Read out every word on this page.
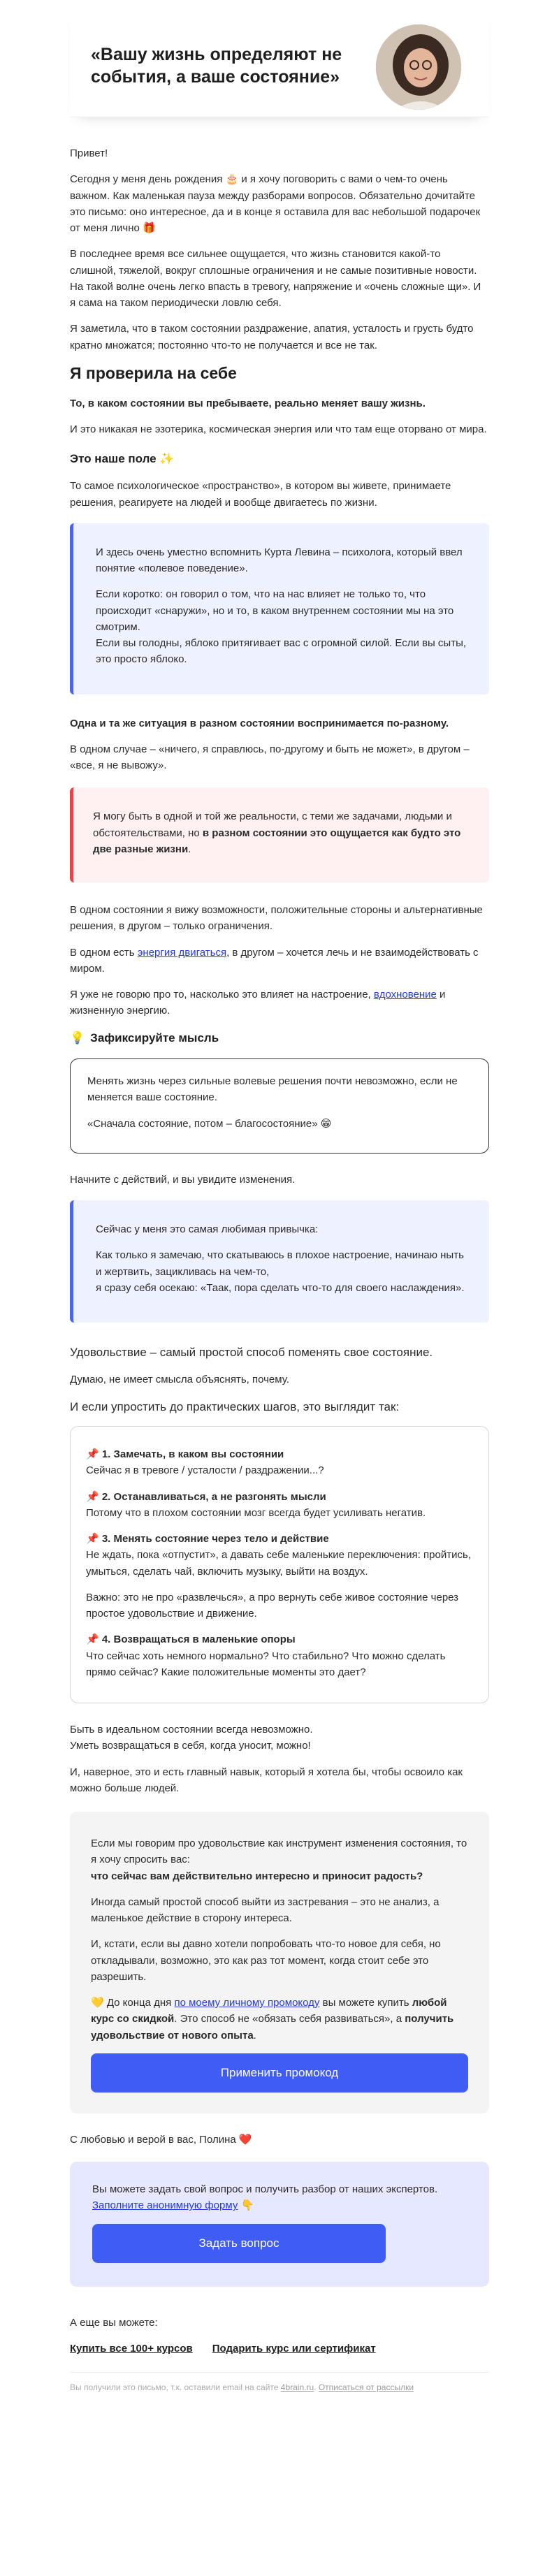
«Вашу жизнь определяют не события, а ваше состояние»

Привет!

Сегодня у меня день рождения 🎂 и я хочу поговорить с вами о чем-то очень важном. Как маленькая пауза между разборами вопросов. Обязательно дочитайте это письмо: оно интересное, да и в конце я оставила для вас небольшой подарочек от меня лично 🎁

В последнее время все сильнее ощущается, что жизнь становится какой-то слишной, тяжелой, вокруг сплошные ограничения и не самые позитивные новости. На такой волне очень легко впасть в тревогу, напряжение и «очень сложные щи». И я сама на таком периодически ловлю себя.

Я заметила, что в таком состоянии раздражение, апатия, усталость и грусть будто кратно множатся; постоянно что-то не получается и все не так.

Я проверила на себе

То, в каком состоянии вы пребываете, реально меняет вашу жизнь.

И это никакая не эзотерика, космическая энергия или что там еще оторвано от мира.

Это наше поле ✨

То самое психологическое «пространство», в котором вы живете, принимаете решения, реагируете на людей и вообще двигаетесь по жизни.

И здесь очень уместно вспомнить Курта Левина – психолога, который ввел понятие «полевое поведение».

Если коротко: он говорил о том, что на нас влияет не только то, что происходит «снаружи», но и то, в каком внутреннем состоянии мы на это смотрим.

Если вы голодны, яблоко притягивает вас с огромной силой. Если вы сыты, это просто яблоко.

Одна и та же ситуация в разном состоянии воспринимается по-разному.

В одном случае – «ничего, я справлюсь, по-другому и быть не может», в другом – «все, я не вывожу».

Я могу быть в одной и той же реальности, с теми же задачами, людьми и обстоятельствами, но в разном состоянии это ощущается как будто это две разные жизни.

В одном состоянии я вижу возможности, положительные стороны и альтернативные решения, в другом – только ограничения.

В одном есть энергия двигаться, в другом – хочется лечь и не взаимодействовать с миром.

Я уже не говорю про то, насколько это влияет на настроение, вдохновение и жизненную энергию.

💡 Зафиксируйте мысль

Менять жизнь через сильные волевые решения почти невозможно, если не меняется ваше состояние.

«Сначала состояние, потом – благосостояние» 😁

Начните с действий, и вы увидите изменения.

Сейчас у меня это самая любимая привычка:

Как только я замечаю, что скатываюсь в плохое настроение, начинаю ныть и жертвить, зацикливась на чем-то,

я сразу себя осекаю: «Таак, пора сделать что-то для своего наслаждения».

Удовольствие – самый простой способ поменять свое состояние.

Думаю, не имеет смысла объяснять, почему.

И если упростить до практических шагов, это выглядит так:

📌 1. Замечать, в каком вы состоянии
Сейчас я в тревоге / усталости / раздражении...?
📌 2. Останавливаться, а не разгонять мысли
Потому что в плохом состоянии мозг всегда будет усиливать негатив.
📌 3. Менять состояние через тело и действие
Не ждать, пока «отпустит», а давать себе маленькие переключения: пройтись, умыться, сделать чай, включить музыку, выйти на воздух.
Важно: это не про «развлечься», а про вернуть себе живое состояние через простое удовольствие и движение.
📌 4. Возвращаться в маленькие опоры
Что сейчас хоть немного нормально? Что стабильно? Что можно сделать прямо сейчас? Какие положительные моменты это дает?

Быть в идеальном состоянии всегда невозможно.
Уметь возвращаться в себя, когда уносит, можно!

И, наверное, это и есть главный навык, который я хотела бы, чтобы освоило как можно больше людей.

Если мы говорим про удовольствие как инструмент изменения состояния, то я хочу спросить вас:
что сейчас вам действительно интересно и приносит радость?

Иногда самый простой способ выйти из застревания – это не анализ, а маленькое действие в сторону интереса.

И, кстати, если вы давно хотели попробовать что-то новое для себя, но откладывали, возможно, это как раз тот момент, когда стоит себе это разрешить.

💛 До конца дня по моему личному промокоду вы можете купить любой курс со скидкой. Это способ не «обязать себя развиваться», а получить удовольствие от нового опыта.

Применить промокод

С любовью и верой в вас, Полина ❤️

Вы можете задать свой вопрос и получить разбор от наших экспертов.

Заполните анонимную форму 👇

Задать вопрос

А еще вы можете:

Купить все 100+ курсов Подарить курс или сертификат
Вы получили это письмо, т.к. оставили email на сайте 4brain.ru. Отписаться от рассылки
